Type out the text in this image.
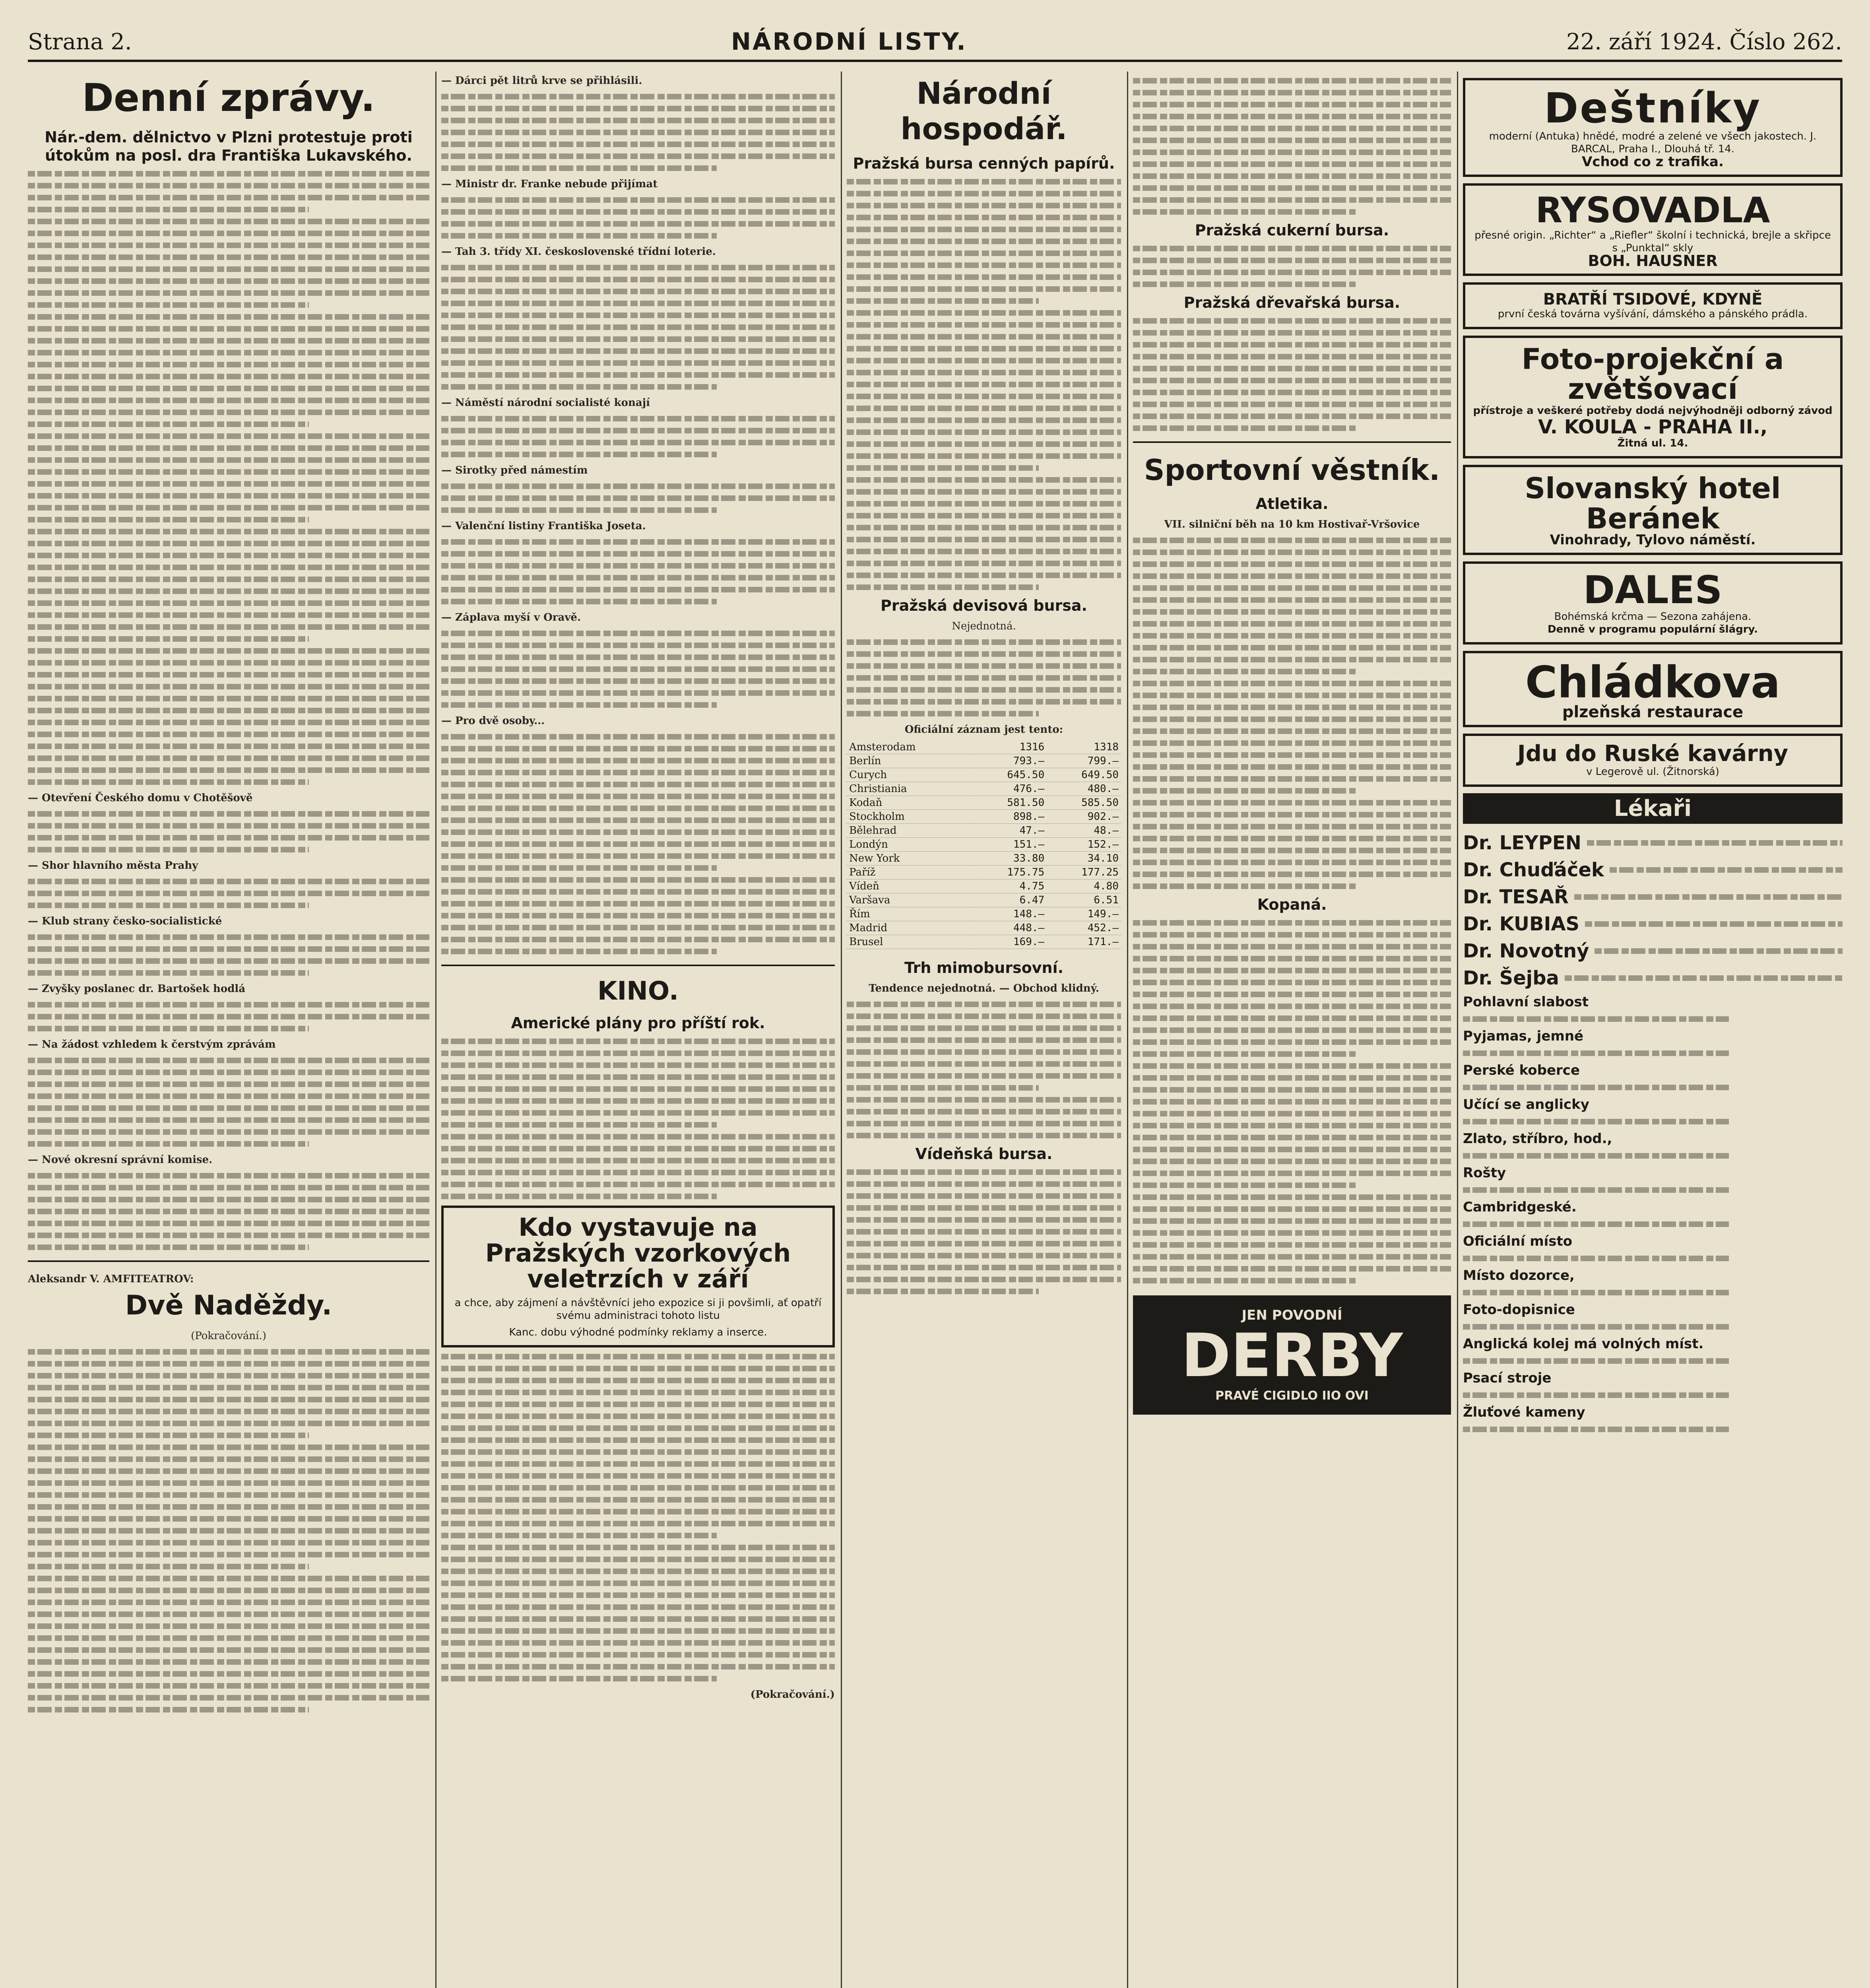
Strana 2.	NÁRODNÍ LISTY.	22. září 1924. Číslo 262.
Denní zprávy.
Nár.-dem. dělnictvo v Plzni protestuje proti útokům na posl. dra Františka Lukavského.
— Otevření Českého domu v Chotěšově
— Shor hlavního města Prahy
— Klub strany česko-socialistické
— Zvyšky poslanec dr. Bartošek hodlá
— Na žádost vzhledem k čerstvým zprávám
— Nové okresní správní komise.
Aleksandr V. AMFITEATROV:
Dvě Naděždy.
(Pokračování.)
— Dárci pět litrů krve se přihlásili.
— Ministr dr. Franke nebude přijímat
— Tah 3. třídy XI. československé třídní loterie.
— Náměstí národní socialisté konají
— Sirotky před námestím
— Valenční listiny Františka Joseta.
— Záplava myší v Oravě.
— Pro dvě osoby...
KINO.
Americké plány pro příští rok.
Kdo vystavuje na Pražských vzorkových veletrzích v září
a chce, aby zájmení a návštěvníci jeho expozice si ji povšimli, ať opatří svému administraci tohoto listu
Kanc. dobu výhodné podmínky reklamy a inserce.
(Pokračování.)
Národní hospodář.
Pražská bursa cenných papírů.
Pražská devisová bursa.
Nejednotná.
Oficiální záznam jest tento:
Amsterodam	1316	1318
Berlín	793.—	799.—
Curych	645.50	649.50
Christiania	476.—	480.—
Kodaň	581.50	585.50
Stockholm	898.—	902.—
Bělehrad	47.—	48.—
Londýn	151.—	152.—
New York	33.80	34.10
Paříž	175.75	177.25
Vídeň	4.75	4.80
Varšava	6.47	6.51
Řím	148.—	149.—
Madrid	448.—	452.—
Brusel	169.—	171.—
Trh mimobursovní.
Tendence nejednotná. — Obchod klidný.
Vídeňská bursa.
Pražská cukerní bursa.
Pražská dřevařská bursa.
Sportovní věstník.
Atletika.
VII. silniční běh na 10 km Hostivař-Vršovice
Kopaná.
JEN POVODNÍ
DERBY
PRAVÉ CIGIDLO IIO OVI
Deštníky
moderní (Antuka) hnědé, modré a zelené ve všech jakostech. J. BARCAL, Praha I., Dlouhá tř. 14.
Vchod co z trafika.
RYSOVADLA
přesné origin. „Richter“ a „Riefler“ školní i technická, brejle a skřipce s „Punktal“ skly
BOH. HAUSNER
BRATŘÍ TSIDOVÉ, KDYNĚ
první česká továrna vyšívání, dámského a pánského prádla.
Foto-projekční a zvětšovací
přístroje a veškeré potřeby dodá nejvýhodněji odborný závod
V. KOULA - PRAHA II.,
Žitná ul. 14.
Slovanský hotel Beránek
Vinohrady, Tylovo náměstí.
DALES
Bohémská krčma — Sezona zahájena.
Denně v programu populární šlágry.
Chládkova
plzeňská restaurace
Jdu do Ruské kavárny
v Legerově ul. (Žitnorská)
Lékaři
Dr. LEYPEN
Dr. Chuďáček
Dr. TESAŘ
Dr. KUBIAS
Dr. Novotný
Dr. Šejba
Pohlavní slabost
Pyjamas, jemné
Perské koberce
Učící se anglicky
Zlato, stříbro, hod.,
Rošty
Cambridgeské.
Oficiální místo
Místo dozorce,
Foto-dopisnice
Anglická kolej má volných míst.
Psací stroje
Žluťové kameny
